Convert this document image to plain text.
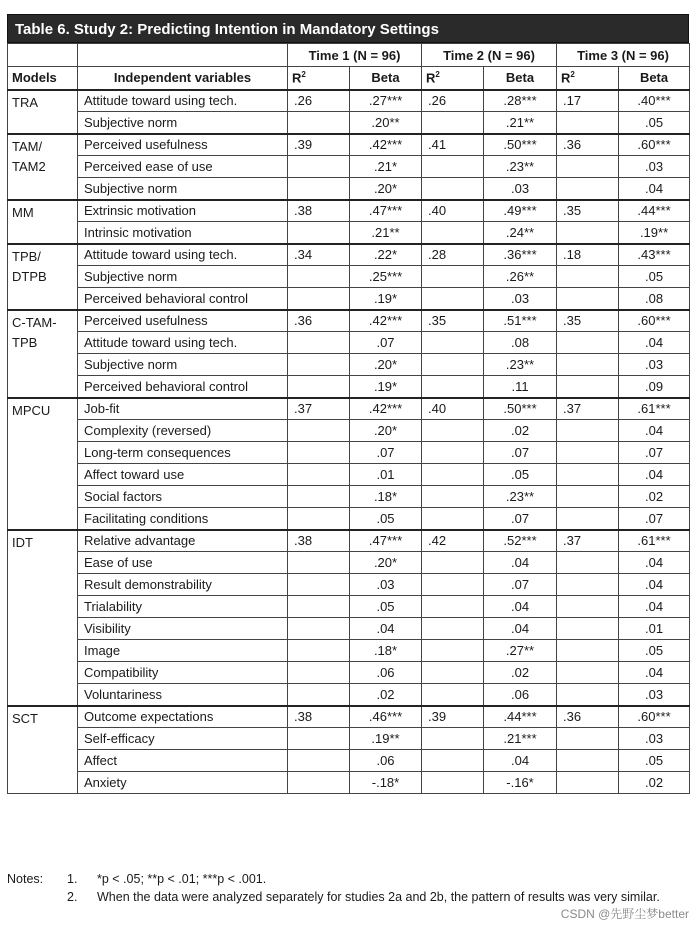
Table 6. Study 2: Predicting Intention in Mandatory Settings
		Time 1 (N = 96)		Time 2 (N = 96)		Time 3 (N = 96)	
Models	Independent variables	$R^2$	Beta	$R^2$	Beta	$R^2$	Beta
TRA	Attitude toward using tech.	.26	.27***	.26	.28***	.17	.40***
	Subjective norm		.20**		.21**		.05
TAM/ TAM2	Perceived usefulness	.39	.42***	.41	.50***	.36	.60***
	Perceived ease of use		.21*		.23**		.03
	Subjective norm		.20*		.03		.04
MM	Extrinsic motivation	.38	.47***	.40	.49***	.35	.44***
	Intrinsic motivation		.21**		.24**		.19**
TPB/ DTPB	Attitude toward using tech.	.34	.22*	.28	.36***	.18	.43***
	Subjective norm		.25***		.26**		.05
	Perceived behavioral control		.19*		.03		.08
C-TAM- TPB	Perceived usefulness	.36	.42***	.35	.51***	.35	.60***
	Attitude toward using tech.		.07		.08		.04
	Subjective norm		.20*		.23**		.03
	Perceived behavioral control		.19*		.11		.09
MPCU	Job-fit	.37	.42***	.40	.50***	.37	.61***
	Complexity (reversed)		.20*		.02		.04
	Long-term consequences		.07		.07		.07
	Affect toward use		.01		.05		.04
	Social factors		.18*		.23**		.02
	Facilitating conditions		.05		.07		.07
IDT	Relative advantage	.38	.47***	.42	.52***	.37	.61***
	Ease of use		.20*		.04		.04
	Result demonstrability		.03		.07		.04
	Trialability		.05		.04		.04
	Visibility		.04		.04		.01
	Image		.18*		.27**		.05
	Compatibility		.06		.02		.04
	Voluntariness		.02		.06		.03
SCT	Outcome expectations	.38	.46***	.39	.44***	.36	.60***
	Self-efficacy		.19**		.21***		.03
	Affect		.06		.04		.05
	Anxiety		-.18*		-.16*		.02
Notes: 1. *p < .05; **p < .01; ***p < .001.
2. When the data were analyzed separately for studies 2a and 2b, the pattern of results was very similar.
CSDN @先野尘梦better
